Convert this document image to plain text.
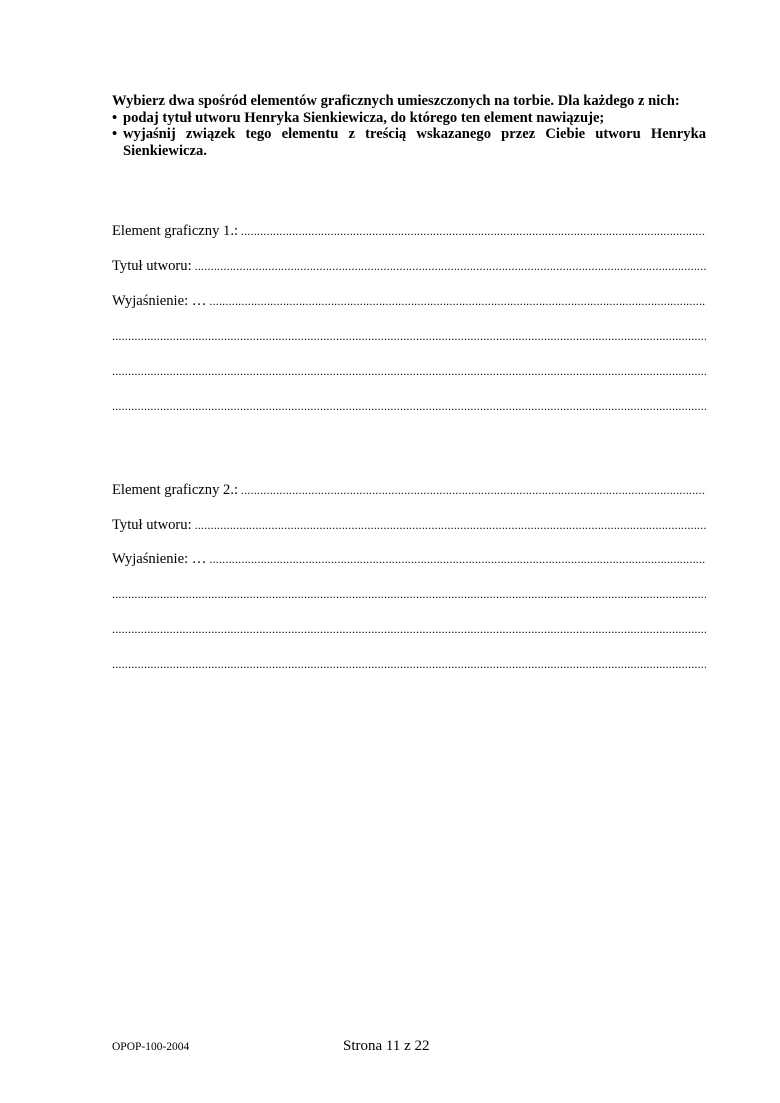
Wybierz dwa spośród elementów graficznych umieszczonych na torbie. Dla każdego z nich:

• podaj tytuł utworu Henryka Sienkiewicza, do którego ten element nawiązuje;
• wyjaśnij związek tego elementu z treścią wskazanego przez Ciebie utworu Henryka Sienkiewicza.
Element graficzny 1.:
.....
Tytuł utworu:
.....
Wyjaśnienie: …
.....
.....
.....
.....
Element graficzny 2.:
.....
Tytuł utworu:
.....
Wyjaśnienie: …
.....
.....
.....
.....
OPOP-100-2004	Strona 11 z 22
